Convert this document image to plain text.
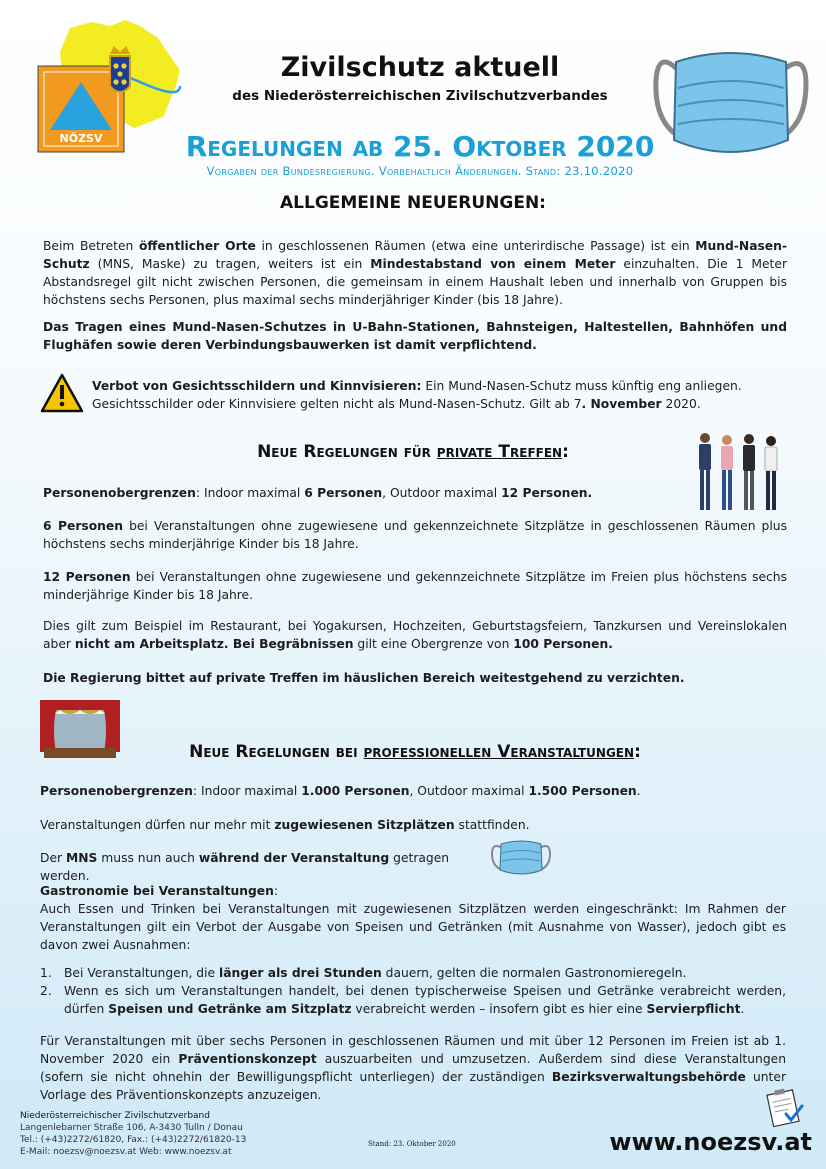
NÖZSV
Zivilschutz aktuell
des Niederösterreichischen Zivilschutzverbandes
Regelungen ab 25. Oktober 2020
Vorgaben der Bundesregierung. Vorbehaltlich Änderungen. Stand: 23.10.2020
ALLGEMEINE NEUERUNGEN:

Beim Betreten öffentlicher Orte in geschlossenen Räumen (etwa eine unterirdische Passage) ist ein Mund-Nasen-Schutz (MNS, Maske) zu tragen, weiters ist ein Mindestabstand von einem Meter einzuhalten. Die 1 Meter Abstandsregel gilt nicht zwischen Personen, die gemeinsam in einem Haushalt leben und innerhalb von Gruppen bis höchstens sechs Personen, plus maximal sechs minderjähriger Kinder (bis 18 Jahre).

Das Tragen eines Mund-Nasen-Schutzes in U-Bahn-Stationen, Bahnsteigen, Haltestellen, Bahnhöfen und Flughäfen sowie deren Verbindungsbauwerken ist damit verpflichtend.

Verbot von Gesichtsschildern und Kinnvisieren: Ein Mund-Nasen-Schutz muss künftig eng anliegen. Gesichtsschilder oder Kinnvisiere gelten nicht als Mund-Nasen-Schutz. Gilt ab 7. November 2020.

Neue Regelungen für private Treffen:

Personenobergrenzen: Indoor maximal 6 Personen, Outdoor maximal 12 Personen.

6 Personen bei Veranstaltungen ohne zugewiesene und gekennzeichnete Sitzplätze in geschlossenen Räumen plus höchstens sechs minderjährige Kinder bis 18 Jahre.

12 Personen bei Veranstaltungen ohne zugewiesene und gekennzeichnete Sitzplätze im Freien plus höchstens sechs minderjährige Kinder bis 18 Jahre.

Dies gilt zum Beispiel im Restaurant, bei Yogakursen, Hochzeiten, Geburtstagsfeiern, Tanzkursen und Vereinslokalen aber nicht am Arbeitsplatz. Bei Begräbnissen gilt eine Obergrenze von 100 Personen.

Die Regierung bittet auf private Treffen im häuslichen Bereich weitestgehend zu verzichten.

Neue Regelungen bei professionellen Veranstaltungen:

Personenobergrenzen: Indoor maximal 1.000 Personen, Outdoor maximal 1.500 Personen.

Veranstaltungen dürfen nur mehr mit zugewiesenen Sitzplätzen stattfinden.

Der MNS muss nun auch während der Veranstaltung getragen werden.

Gastronomie bei Veranstaltungen:
Auch Essen und Trinken bei Veranstaltungen mit zugewiesenen Sitzplätzen werden eingeschränkt: Im Rahmen der Veranstaltungen gilt ein Verbot der Ausgabe von Speisen und Getränken (mit Ausnahme von Wasser), jedoch gibt es davon zwei Ausnahmen:
1. Bei Veranstaltungen, die länger als drei Stunden dauern, gelten die normalen Gastronomieregeln.
2. Wenn es sich um Veranstaltungen handelt, bei denen typischerweise Speisen und Getränke verabreicht werden, dürfen Speisen und Getränke am Sitzplatz verabreicht werden – insofern gibt es hier eine Servierpflicht.

Für Veranstaltungen mit über sechs Personen in geschlossenen Räumen und mit über 12 Personen im Freien ist ab 1. November 2020 ein Präventionskonzept auszuarbeiten und umzusetzen. Außerdem sind diese Veranstaltungen (sofern sie nicht ohnehin der Bewilligungspflicht unterliegen) der zuständigen Bezirksverwaltungsbehörde unter Vorlage des Präventionskonzepts anzuzeigen.

Niederösterreichischer Zivilschutzverband
Langenlebarner Straße 106, A-3430 Tulln / Donau
Tel.: (+43)2272/61820, Fax.: (+43)2272/61820-13
E-Mail: noezsv@noezsv.at Web: www.noezsv.at
Stand: 23. Oktober 2020	www.noezsv.at
